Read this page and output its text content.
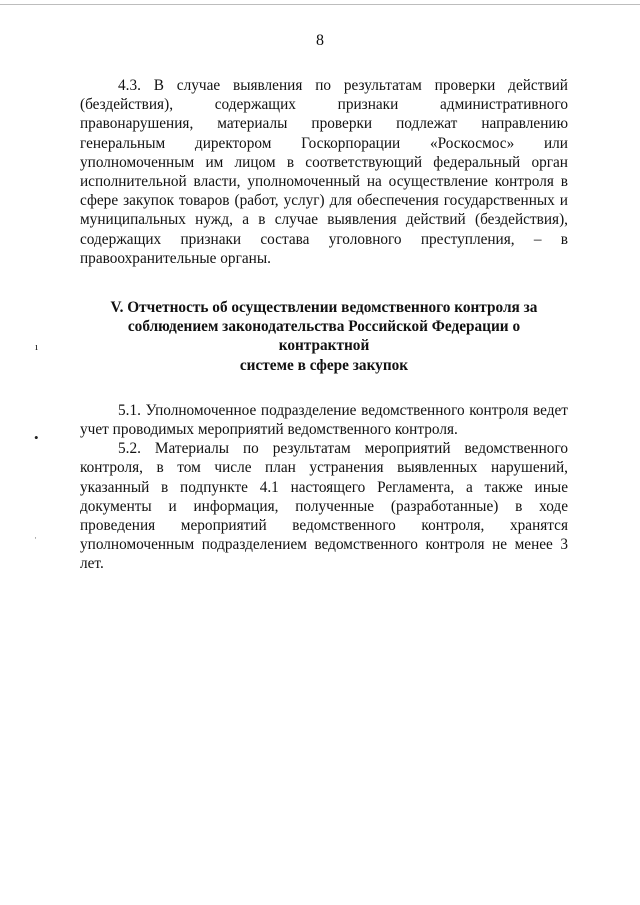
8
ı
•
·

4.3. В случае выявления по результатам проверки действий (бездействия), содержащих признаки административного правонарушения, материалы проверки подлежат направлению генеральным директором Госкорпорации «Роскосмос» или уполномоченным им лицом в соответствующий федеральный орган исполнительной власти, уполномоченный на осуществление контроля в сфере закупок товаров (работ, услуг) для обеспечения государственных и муниципальных нужд, а в случае выявления действий (бездействия), содержащих признаки состава уголовного преступления, – в правоохранительные органы.

V. Отчетность об осуществлении ведомственного контроля за
соблюдением законодательства Российской Федерации о контрактной
системе в сфере закупок

5.1. Уполномоченное подразделение ведомственного контроля ведет учет проводимых мероприятий ведомственного контроля.

5.2. Материалы по результатам мероприятий ведомственного контроля, в том числе план устранения выявленных нарушений, указанный в подпункте 4.1 настоящего Регламента, а также иные документы и информация, полученные (разработанные) в ходе проведения мероприятий ведомственного контроля, хранятся уполномоченным подразделением ведомственного контроля не менее 3 лет.
